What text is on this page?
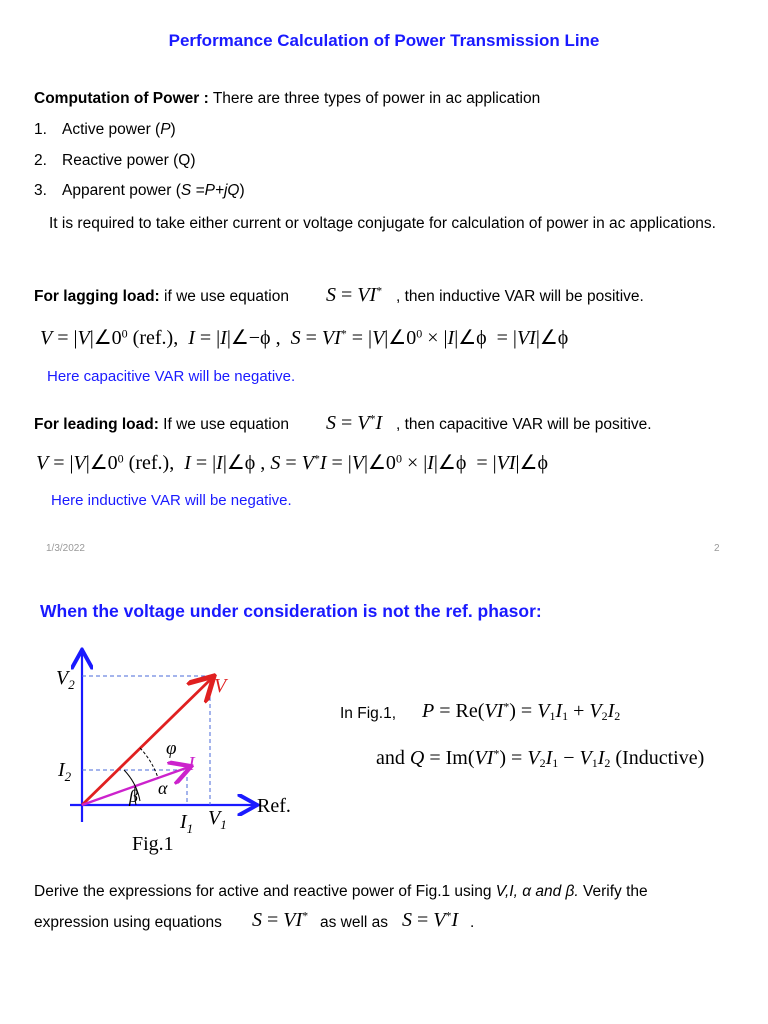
Performance Calculation of Power Transmission Line
Computation of Power : There are three types of power in ac application
1. Active power (P)
2. Reactive power (Q)
3. Apparent power (S =P+jQ)
It is required to take either current or voltage conjugate for calculation of power in ac applications.
For lagging load: if we use equation S = VI* , then inductive VAR will be positive.
$V = |V|\angle 0^0$ (ref.),  I = |I|∠−ϕ ,  $S = VI^* = |V|\angle 0^0$ × |I|∠ϕ  = |VI|∠ϕ
Here capacitive VAR will be negative.
For leading load: If we use equation S = V*I , then capacitive VAR will be positive.
$V = |V|\angle 0^0$ (ref.),  I = |I|∠ϕ , $S = V^*I = |V|\angle 0^0$ × |I|∠ϕ  = |VI|∠ϕ
Here inductive VAR will be negative.
1/3/2022	2
When the voltage under consideration is not the ref. phasor:
$V_2$
$I_2$
V
I
φ
α
β	Ref.
$I_1$ $V_1$
Fig.1
In Fig.1, $P = Re(VI^*) = V_1I_1 + V_2I_2$
and $Q = Im(VI^*) = V_2I_1 - V_1I_2$ (Inductive)
Derive the expressions for active and reactive power of Fig.1 using V,I, α and β. Verify the
expression using equations S = VI* as well as S = V*I .
